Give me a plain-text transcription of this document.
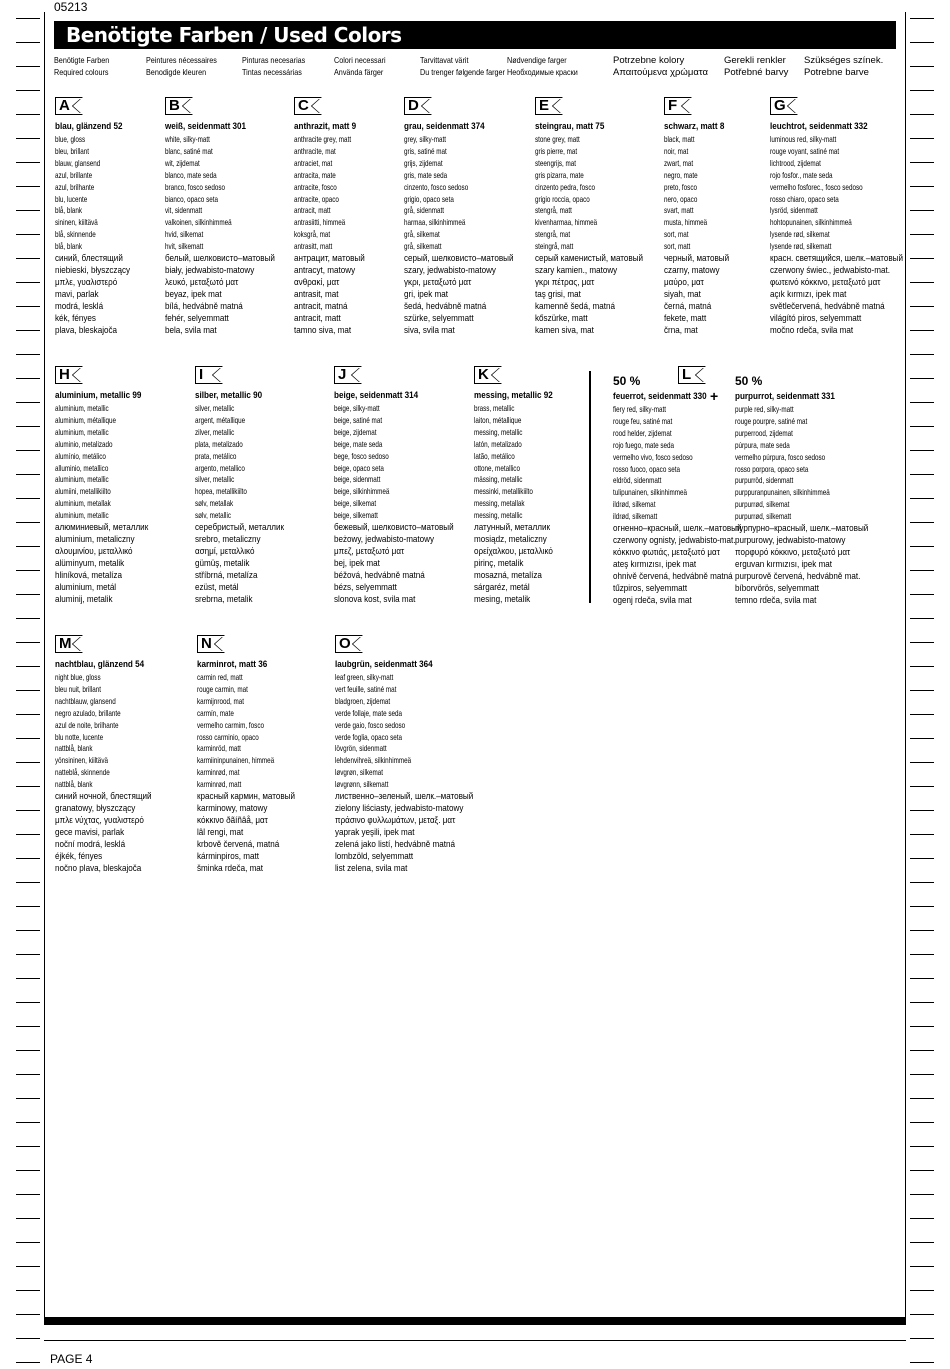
05213
Benötigte Farben / Used Colors
Benötigte Farben
Required colours
Peintures nécessaires
Benodigde kleuren
Pinturas necesarias
Tintas necessárias
Colori necessari
Använda färger
Tarvittavat värit
Du trenger følgende farger
Nødvendige farger
Необходимые краски
Potrzebne kolory
Απαιτούμενα χρώματα
Gerekli renkler
Potřebné barvy
Szükséges színek.
Potrebne barve
A
blau, glänzend 52
blue, gloss
bleu, brillant
blauw, glansend
azul, brillante
azul, brilhante
blu, lucente
blå, blank
sininen, kiiltävä
blå, skinnende
blå, blank
синий, блестящий
niebieski, błyszczący
μπλε, γυαλιστερό
mavi, parlak
modrá, lesklá
kék, fényes
plava, bleskajoča
B
weiß, seidenmatt 301
white, silky-matt
blanc, satiné mat
wit, zijdemat
blanco, mate seda
branco, fosco sedoso
bianco, opaco seta
vit, sidenmatt
valkoinen, silkinhimmeä
hvid, silkemat
hvit, silkematt
белый, шелковисто–матовый
biały, jedwabisto-matowy
λευκό, μεταξωτό ματ
beyaz, ipek mat
bílá, hedvábně matná
fehér, selyemmatt
bela, svila mat
C
anthrazit, matt 9
anthracite grey, matt
anthracite, mat
antraciet, mat
antracita, mate
antracite, fosco
antracite, opaco
antracit, matt
antrasiitti, himmeä
koksgrå, mat
antrasitt, matt
антрацит, матовый
antracyt, matowy
ανθρακί, ματ
antrasit, mat
antracit, matná
antracit, matt
tamno siva, mat
D
grau, seidenmatt 374
grey, silky-matt
gris, satiné mat
grijs, zijdemat
gris, mate seda
cinzento, fosco sedoso
grigio, opaco seta
grå, sidenmatt
harmaa, silkinhimmeä
grå, silkemat
grå, silkematt
серый, шелковисто–матовый
szary, jedwabisto-matowy
γκρι, μεταξωτό ματ
gri, ipek mat
šedá, hedvábně matná
szürke, selyemmatt
siva, svila mat
E
steingrau, matt 75
stone grey, matt
gris pierre, mat
steengrijs, mat
gris pizarra, mate
cinzento pedra, fosco
grigio roccia, opaco
stengrå, matt
kivenharmaa, himmeä
stengrå, mat
steingrå, matt
серый каменистый, матовый
szary kamien., matowy
γκρι πέτρας, ματ
taş grisi, mat
kamenně šedá, matná
kőszürke, matt
kamen siva, mat
F
schwarz, matt 8
black, matt
noir, mat
zwart, mat
negro, mate
preto, fosco
nero, opaco
svart, matt
musta, himmeä
sort, mat
sort, matt
черный, матовый
czarny, matowy
μαύρο, ματ
siyah, mat
černá, matná
fekete, matt
črna, mat
G
leuchtrot, seidenmatt 332
luminous red, silky-matt
rouge voyant, satiné mat
lichtrood, zijdemat
rojo fosfor., mate seda
vermelho fosforec., fosco sedoso
rosso chiaro, opaco seta
lysröd, sidenmatt
hohtopunainen, silkinhimmeä
lysende rød, silkemat
lysende rød, silkematt
красн. светящийся, шелк.–матовый
czerwony świec., jedwabisto-mat.
φωτεινό κόκκινο, μεταξωτό ματ
açık kırmızı, ipek mat
světlečervená, hedvábně matná
világító piros, selyemmatt
močno rdeča, svila mat
H
aluminium, metallic 99
aluminium, metallic
aluminium, métallique
aluminium, metallic
aluminio, metalizado
alumínio, metálico
alluminio, metallico
aluminium, metallic
alumiini, metallikiilto
aluminium, metallak
aluminium, metallic
алюминиевый, металлик
aluminium, metaliczny
αλουμινίου, μεταλλικό
alüminyum, metalik
hliníková, metalíza
aluminium, metál
aluminij, metalik
I
silber, metallic 90
silver, metallic
argent, métallique
zilver, metallic
plata, metalizado
prata, metálico
argento, metallico
silver, metallic
hopea, metallikiilto
sølv, metallak
sølv, metallic
серебристый, металлик
srebro, metaliczny
ασημί, μεταλλικό
gümüş, metalik
stříbrná, metalíza
ezüst, metál
srebrna, metalik
J
beige, seidenmatt 314
beige, silky-matt
beige, satiné mat
beige, zijdemat
beige, mate seda
bege, fosco sedoso
beige, opaco seta
beige, sidenmatt
beige, silkinhimmeä
beige, silkemat
beige, silkematt
бежевый, шелковисто–матовый
beżowy, jedwabisto-matowy
μπεζ, μεταξωτό ματ
bej, ipek mat
béžová, hedvábně matná
bézs, selyemmatt
slonova kost, svila mat
K
messing, metallic 92
brass, metallic
laiton, métallique
messing, metallic
latón, metalizado
latão, metálico
ottone, metallico
mässing, metallic
messinki, metallikiilto
messing, metallak
messing, metallic
латунный, металлик
mosiądz, metaliczny
ορείχαλκου, μεταλλικό
pirinç, metalik
mosazná, metalíza
sárgaréz, metál
mesing, metalik
M
nachtblau, glänzend 54
night blue, gloss
bleu nuit, brillant
nachtblauw, glansend
negro azulado, brillante
azul de noite, brilhante
blu notte, lucente
nattblå, blank
yönsininen, kiiltävä
natteblå, skinnende
nattblå, blank
синий ночной, блестящий
granatowy, błyszczący
μπλε νύχτας, γυαλιστερό
gece mavisi, parlak
noční modrá, lesklá
éjkék, fényes
nočno plava, bleskajoča
N
karminrot, matt 36
carmin red, matt
rouge carmin, mat
karmijnrood, mat
carmín, mate
vermelho carmim, fosco
rosso carminio, opaco
karminröd, matt
karmiininpunainen, himmeä
karminrød, mat
karminrød, matt
красный кармин, матовый
karminowy, matowy
κόκκινο ðãíñâå, ματ
lâl rengi, mat
krbově červená, matná
kárminpiros, matt
šminka rdeča, mat
O
laubgrün, seidenmatt 364
leaf green, silky-matt
vert feuille, satiné mat
bladgroen, zijdemat
verde follaje, mate seda
verde gaio, fosco sedoso
verde foglia, opaco seta
lövgrön, sidenmatt
lehdenvihreä, silkinhimmeä
løvgrøn, silkemat
løvgrønn, silkematt
лиственно–зеленый, шелк.–матовый
zielony liściasty, jedwabisto-matowy
πράσινο φυλλωμάτων, μεταξ. ματ
yaprak yeşili, ipek mat
zelená jako listí, hedvábně matná
lombzöld, selyemmatt
list zelena, svila mat
L
feuerrot, seidenmatt 330
fiery red, silky-matt
rouge feu, satiné mat
rood helder, zijdemat
rojo fuego, mate seda
vermelho vivo, fosco sedoso
rosso fuoco, opaco seta
eldröd, sidenmatt
tulipunainen, silkinhimmeä
ildrød, silkemat
ildrød, silkematt
огненно–красный, шелк.–матовый
czerwony ognisty, jedwabisto-mat.
κόκκινο φωτιάς, μεταξωτό ματ
ateş kırmızısı, ipek mat
ohnivě červená, hedvábně matná
tűzpiros, selyemmatt
ogenj rdeča, svila mat
purpurrot, seidenmatt 331
purple red, silky-matt
rouge pourpre, satiné mat
purperrood, zijdemat
púrpura, mate seda
vermelho púrpura, fosco sedoso
rosso porpora, opaco seta
purpurröd, sidenmatt
purppuranpunainen, silkinhimmeä
purpurrød, silkemat
purpurrød, silkematt
пурпурно–красный, шелк.–матовый
purpurowy, jedwabisto-matowy
πορφυρό κόκκινο, μεταξωτό ματ
erguvan kırmızısı, ipek mat
purpurově červená, hedvábně mat.
bíborvörös, selyemmatt
temno rdeča, svila mat
50 %	50 %
+
PAGE 4
